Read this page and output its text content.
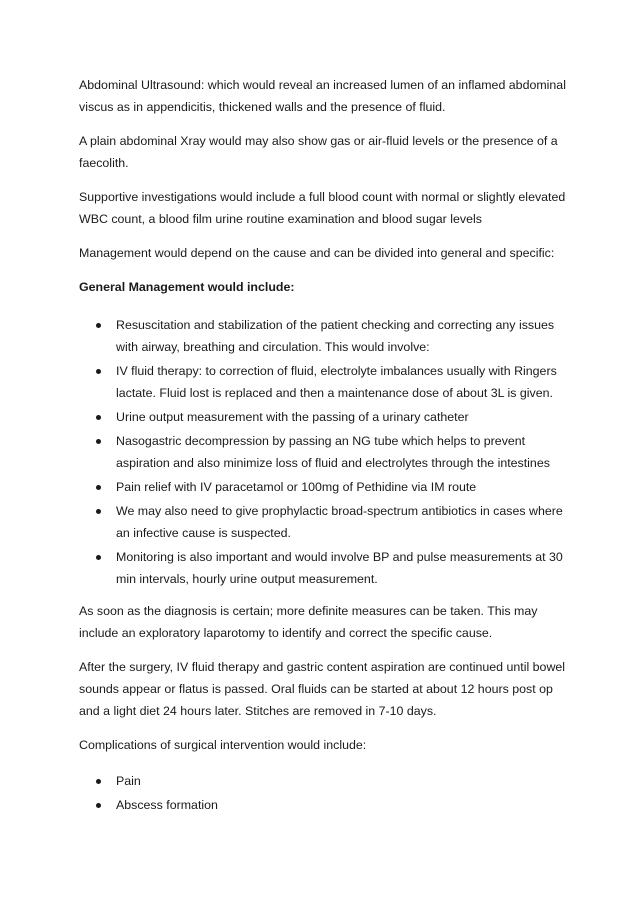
Abdominal Ultrasound: which would reveal an increased lumen of an inflamed abdominal viscus as in appendicitis, thickened walls and the presence of fluid.

A plain abdominal Xray would may also show gas or air-fluid levels or the presence of a faecolith.

Supportive investigations would include a full blood count with normal or slightly elevated WBC count, a blood film urine routine examination and blood sugar levels

Management would depend on the cause and can be divided into general and specific:

General Management would include:

Resuscitation and stabilization of the patient checking and correcting any issues with airway, breathing and circulation. This would involve:
IV fluid therapy: to correction of fluid, electrolyte imbalances usually with Ringers lactate. Fluid lost is replaced and then a maintenance dose of about 3L is given.
Urine output measurement with the passing of a urinary catheter
Nasogastric decompression by passing an NG tube which helps to prevent aspiration and also minimize loss of fluid and electrolytes through the intestines
Pain relief with IV paracetamol or 100mg of Pethidine via IM route
We may also need to give prophylactic broad-spectrum antibiotics in cases where an infective cause is suspected.
Monitoring is also important and would involve BP and pulse measurements at 30 min intervals, hourly urine output measurement.

As soon as the diagnosis is certain; more definite measures can be taken. This may include an exploratory laparotomy to identify and correct the specific cause.

After the surgery, IV fluid therapy and gastric content aspiration are continued until bowel sounds appear or flatus is passed. Oral fluids can be started at about 12 hours post op and a light diet 24 hours later. Stitches are removed in 7-10 days.

Complications of surgical intervention would include:

Pain
Abscess formation
